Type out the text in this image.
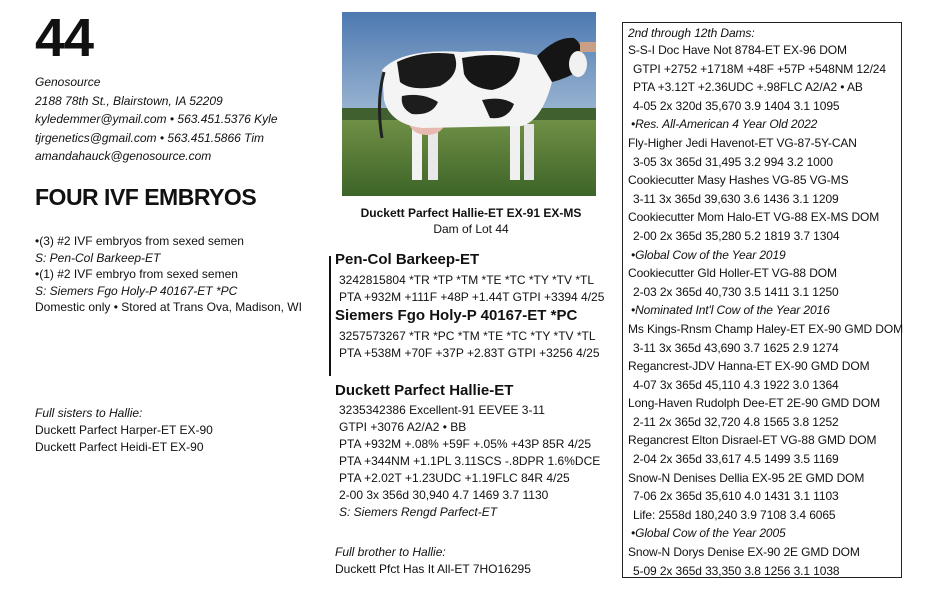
44
Genosource
2188 78th St., Blairstown, IA 52209
kyledemmer@ymail.com • 563.451.5376 Kyle
tjrgenetics@gmail.com • 563.451.5866 Tim
amandahauck@genosource.com
FOUR IVF EMBRYOS
•(3) #2 IVF embryos from sexed semen
S: Pen-Col Barkeep-ET
•(1) #2 IVF embryo from sexed semen
S: Siemers Fgo Holy-P 40167-ET *PC
Domestic only • Stored at Trans Ova, Madison, WI
Full sisters to Hallie:
Duckett Parfect Harper-ET EX-90
Duckett Parfect Heidi-ET EX-90
Duckett Parfect Hallie-ET EX-91 EX-MS
Dam of Lot 44
Pen-Col Barkeep-ET
3242815804 *TR *TP *TM *TE *TC *TY *TV *TL
PTA +932M +111F +48P +1.44T GTPI +3394 4/25
Siemers Fgo Holy-P 40167-ET *PC
3257573267 *TR *PC *TM *TE *TC *TY *TV *TL
PTA +538M +70F +37P +2.83T GTPI +3256 4/25
Duckett Parfect Hallie-ET
3235342386 Excellent-91 EEVEE 3-11
GTPI +3076 A2/A2 • BB
PTA +932M +.08% +59F +.05% +43P 85R 4/25
PTA +344NM +1.1PL 3.11SCS -.8DPR 1.6%DCE
PTA +2.02T +1.23UDC +1.19FLC 84R 4/25
2-00 3x 356d 30,940 4.7 1469 3.7 1130
S: Siemers Rengd Parfect-ET
Full brother to Hallie:
Duckett Pfct Has It All-ET 7HO16295
2nd through 12th Dams:
S-S-I Doc Have Not 8784-ET EX-96 DOM
GTPI +2752 +1718M +48F +57P +548NM 12/24
PTA +3.12T +2.36UDC +.98FLC A2/A2 • AB
4-05 2x 320d 35,670 3.9 1404 3.1 1095
•Res. All-American 4 Year Old 2022
Fly-Higher Jedi Havenot-ET VG-87-5Y-CAN
3-05 3x 365d 31,495 3.2 994 3.2 1000
Cookiecutter Masy Hashes VG-85 VG-MS
3-11 3x 365d 39,630 3.6 1436 3.1 1209
Cookiecutter Mom Halo-ET VG-88 EX-MS DOM
2-00 2x 365d 35,280 5.2 1819 3.7 1304
•Global Cow of the Year 2019
Cookiecutter Gld Holler-ET VG-88 DOM
2-03 2x 365d 40,730 3.5 1411 3.1 1250
•Nominated Int'l Cow of the Year 2016
Ms Kings-Rnsm Champ Haley-ET EX-90 GMD DOM
3-11 3x 365d 43,690 3.7 1625 2.9 1274
Regancrest-JDV Hanna-ET EX-90 GMD DOM
4-07 3x 365d 45,110 4.3 1922 3.0 1364
Long-Haven Rudolph Dee-ET 2E-90 GMD DOM
2-11 2x 365d 32,720 4.8 1565 3.8 1252
Regancrest Elton Disrael-ET VG-88 GMD DOM
2-04 2x 365d 33,617 4.5 1499 3.5 1169
Snow-N Denises Dellia EX-95 2E GMD DOM
7-06 2x 365d 35,610 4.0 1431 3.1 1103
Life: 2558d 180,240 3.9 7108 3.4 6065
•Global Cow of the Year 2005
Snow-N Dorys Denise EX-90 2E GMD DOM
5-09 2x 365d 33,350 3.8 1256 3.1 1038
